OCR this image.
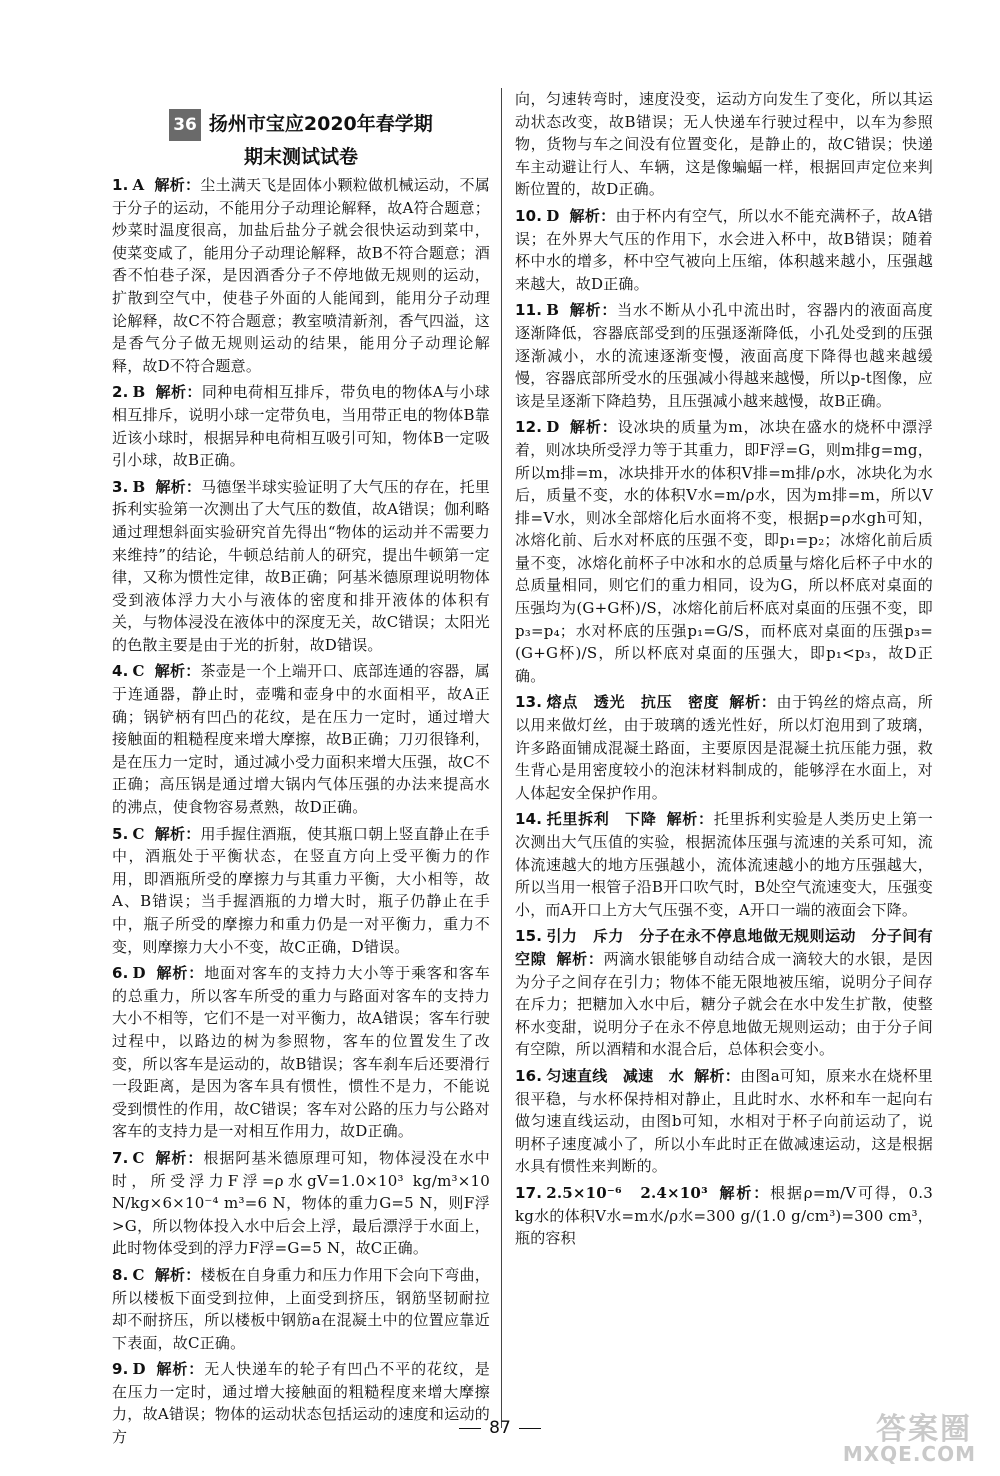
36 扬州市宝应2020年春学期
期末测试试卷

1. A 解析：尘土满天飞是固体小颗粒做机械运动，不属于分子的运动，不能用分子动理论解释，故A符合题意；炒菜时温度很高，加盐后盐分子就会很快运动到菜中，使菜变咸了，能用分子动理论解释，故B不符合题意；酒香不怕巷子深，是因酒香分子不停地做无规则的运动，扩散到空气中，使巷子外面的人能闻到，能用分子动理论解释，故C不符合题意；教室喷清新剂，香气四溢，这是香气分子做无规则运动的结果，能用分子动理论解释，故D不符合题意。

2. B 解析：同种电荷相互排斥，带负电的物体A与小球相互排斥，说明小球一定带负电，当用带正电的物体B靠近该小球时，根据异种电荷相互吸引可知，物体B一定吸引小球，故B正确。

3. B 解析：马德堡半球实验证明了大气压的存在，托里拆利实验第一次测出了大气压的数值，故A错误；伽利略通过理想斜面实验研究首先得出“物体的运动并不需要力来维持”的结论，牛顿总结前人的研究，提出牛顿第一定律，又称为惯性定律，故B正确；阿基米德原理说明物体受到液体浮力大小与液体的密度和排开液体的体积有关，与物体浸没在液体中的深度无关，故C错误；太阳光的色散主要是由于光的折射，故D错误。

4. C 解析：茶壶是一个上端开口、底部连通的容器，属于连通器，静止时，壶嘴和壶身中的水面相平，故A正确；锅铲柄有凹凸的花纹，是在压力一定时，通过增大接触面的粗糙程度来增大摩擦，故B正确；刀刃很锋利，是在压力一定时，通过减小受力面积来增大压强，故C不正确；高压锅是通过增大锅内气体压强的办法来提高水的沸点，使食物容易煮熟，故D正确。

5. C 解析：用手握住酒瓶，使其瓶口朝上竖直静止在手中，酒瓶处于平衡状态，在竖直方向上受平衡力的作用，即酒瓶所受的摩擦力与其重力平衡，大小相等，故A、B错误；当手握酒瓶的力增大时，瓶子仍静止在手中，瓶子所受的摩擦力和重力仍是一对平衡力，重力不变，则摩擦力大小不变，故C正确，D错误。

6. D 解析：地面对客车的支持力大小等于乘客和客车的总重力，所以客车所受的重力与路面对客车的支持力大小不相等，它们不是一对平衡力，故A错误；客车行驶过程中，以路边的树为参照物，客车的位置发生了改变，所以客车是运动的，故B错误；客车刹车后还要滑行一段距离，是因为客车具有惯性，惯性不是力，不能说受到惯性的作用，故C错误；客车对公路的压力与公路对客车的支持力是一对相互作用力，故D正确。

7. C 解析：根据阿基米德原理可知，物体浸没在水中时，所受浮力F浮=ρ水gV=1.0×10³ kg/m³×10 N/kg×6×10⁻⁴ m³=6 N，物体的重力G=5 N，则F浮>G，所以物体投入水中后会上浮，最后漂浮于水面上，此时物体受到的浮力F浮=G=5 N，故C正确。

8. C 解析：楼板在自身重力和压力作用下会向下弯曲，所以楼板下面受到拉伸，上面受到挤压，钢筋坚韧耐拉却不耐挤压，所以楼板中钢筋a在混凝土中的位置应靠近下表面，故C正确。

9. D 解析：无人快递车的轮子有凹凸不平的花纹，是在压力一定时，通过增大接触面的粗糙程度来增大摩擦力，故A错误；物体的运动状态包括运动的速度和运动的方

向，匀速转弯时，速度没变，运动方向发生了变化，所以其运动状态改变，故B错误；无人快递车行驶过程中，以车为参照物，货物与车之间没有位置变化，是静止的，故C错误；快递车主动避让行人、车辆，这是像蝙蝠一样，根据回声定位来判断位置的，故D正确。

10. D 解析：由于杯内有空气，所以水不能充满杯子，故A错误；在外界大气压的作用下，水会进入杯中，故B错误；随着杯中水的增多，杯中空气被向上压缩，体积越来越小，压强越来越大，故D正确。

11. B 解析：当水不断从小孔中流出时，容器内的液面高度逐渐降低，容器底部受到的压强逐渐降低，小孔处受到的压强逐渐减小，水的流速逐渐变慢，液面高度下降得也越来越缓慢，容器底部所受水的压强减小得越来越慢，所以p-t图像，应该是呈逐渐下降趋势，且压强减小越来越慢，故B正确。

12. D 解析：设冰块的质量为m，冰块在盛水的烧杯中漂浮着，则冰块所受浮力等于其重力，即F浮=G，则m排g=mg，所以m排=m，冰块排开水的体积V排=m排/ρ水，冰块化为水后，质量不变，水的体积V水=m/ρ水，因为m排=m，所以V排=V水，则冰全部熔化后水面将不变，根据p=ρ水gh可知，冰熔化前、后水对杯底的压强不变，即p₁=p₂；冰熔化前后质量不变，冰熔化前杯子中冰和水的总质量与熔化后杯子中水的总质量相同，则它们的重力相同，设为G，所以杯底对桌面的压强均为(G+G杯)/S，冰熔化前后杯底对桌面的压强不变，即p₃=p₄；水对杯底的压强p₁=G/S，而杯底对桌面的压强p₃=(G+G杯)/S，所以杯底对桌面的压强大，即p₁<p₃，故D正确。

13. 熔点　透光　抗压　密度 解析：由于钨丝的熔点高，所以用来做灯丝，由于玻璃的透光性好，所以灯泡用到了玻璃，许多路面铺成混凝土路面，主要原因是混凝土抗压能力强，救生背心是用密度较小的泡沫材料制成的，能够浮在水面上，对人体起安全保护作用。

14. 托里拆利　下降 解析：托里拆利实验是人类历史上第一次测出大气压值的实验，根据流体压强与流速的关系可知，流体流速越大的地方压强越小，流体流速越小的地方压强越大，所以当用一根管子沿B开口吹气时，B处空气流速变大，压强变小，而A开口上方大气压强不变，A开口一端的液面会下降。

15. 引力　斥力　分子在永不停息地做无规则运动　分子间有空隙 解析：两滴水银能够自动结合成一滴较大的水银，是因为分子之间存在引力；物体不能无限地被压缩，说明分子间存在斥力；把糖加入水中后，糖分子就会在水中发生扩散，使整杯水变甜，说明分子在永不停息地做无规则运动；由于分子间有空隙，所以酒精和水混合后，总体积会变小。

16. 匀速直线　减速　水 解析：由图a可知，原来水在烧杯里很平稳，与水杯保持相对静止，且此时水、水杯和车一起向右做匀速直线运动，由图b可知，水相对于杯子向前运动了，说明杯子速度减小了，所以小车此时正在做减速运动，这是根据水具有惯性来判断的。

17. 2.5×10⁻⁶　2.4×10³ 解析：根据ρ=m/V可得，0.3 kg水的体积V水=m水/ρ水=300 g/(1.0 g/cm³)=300 cm³，瓶的容积

87	答案圈
MXQE.COM
